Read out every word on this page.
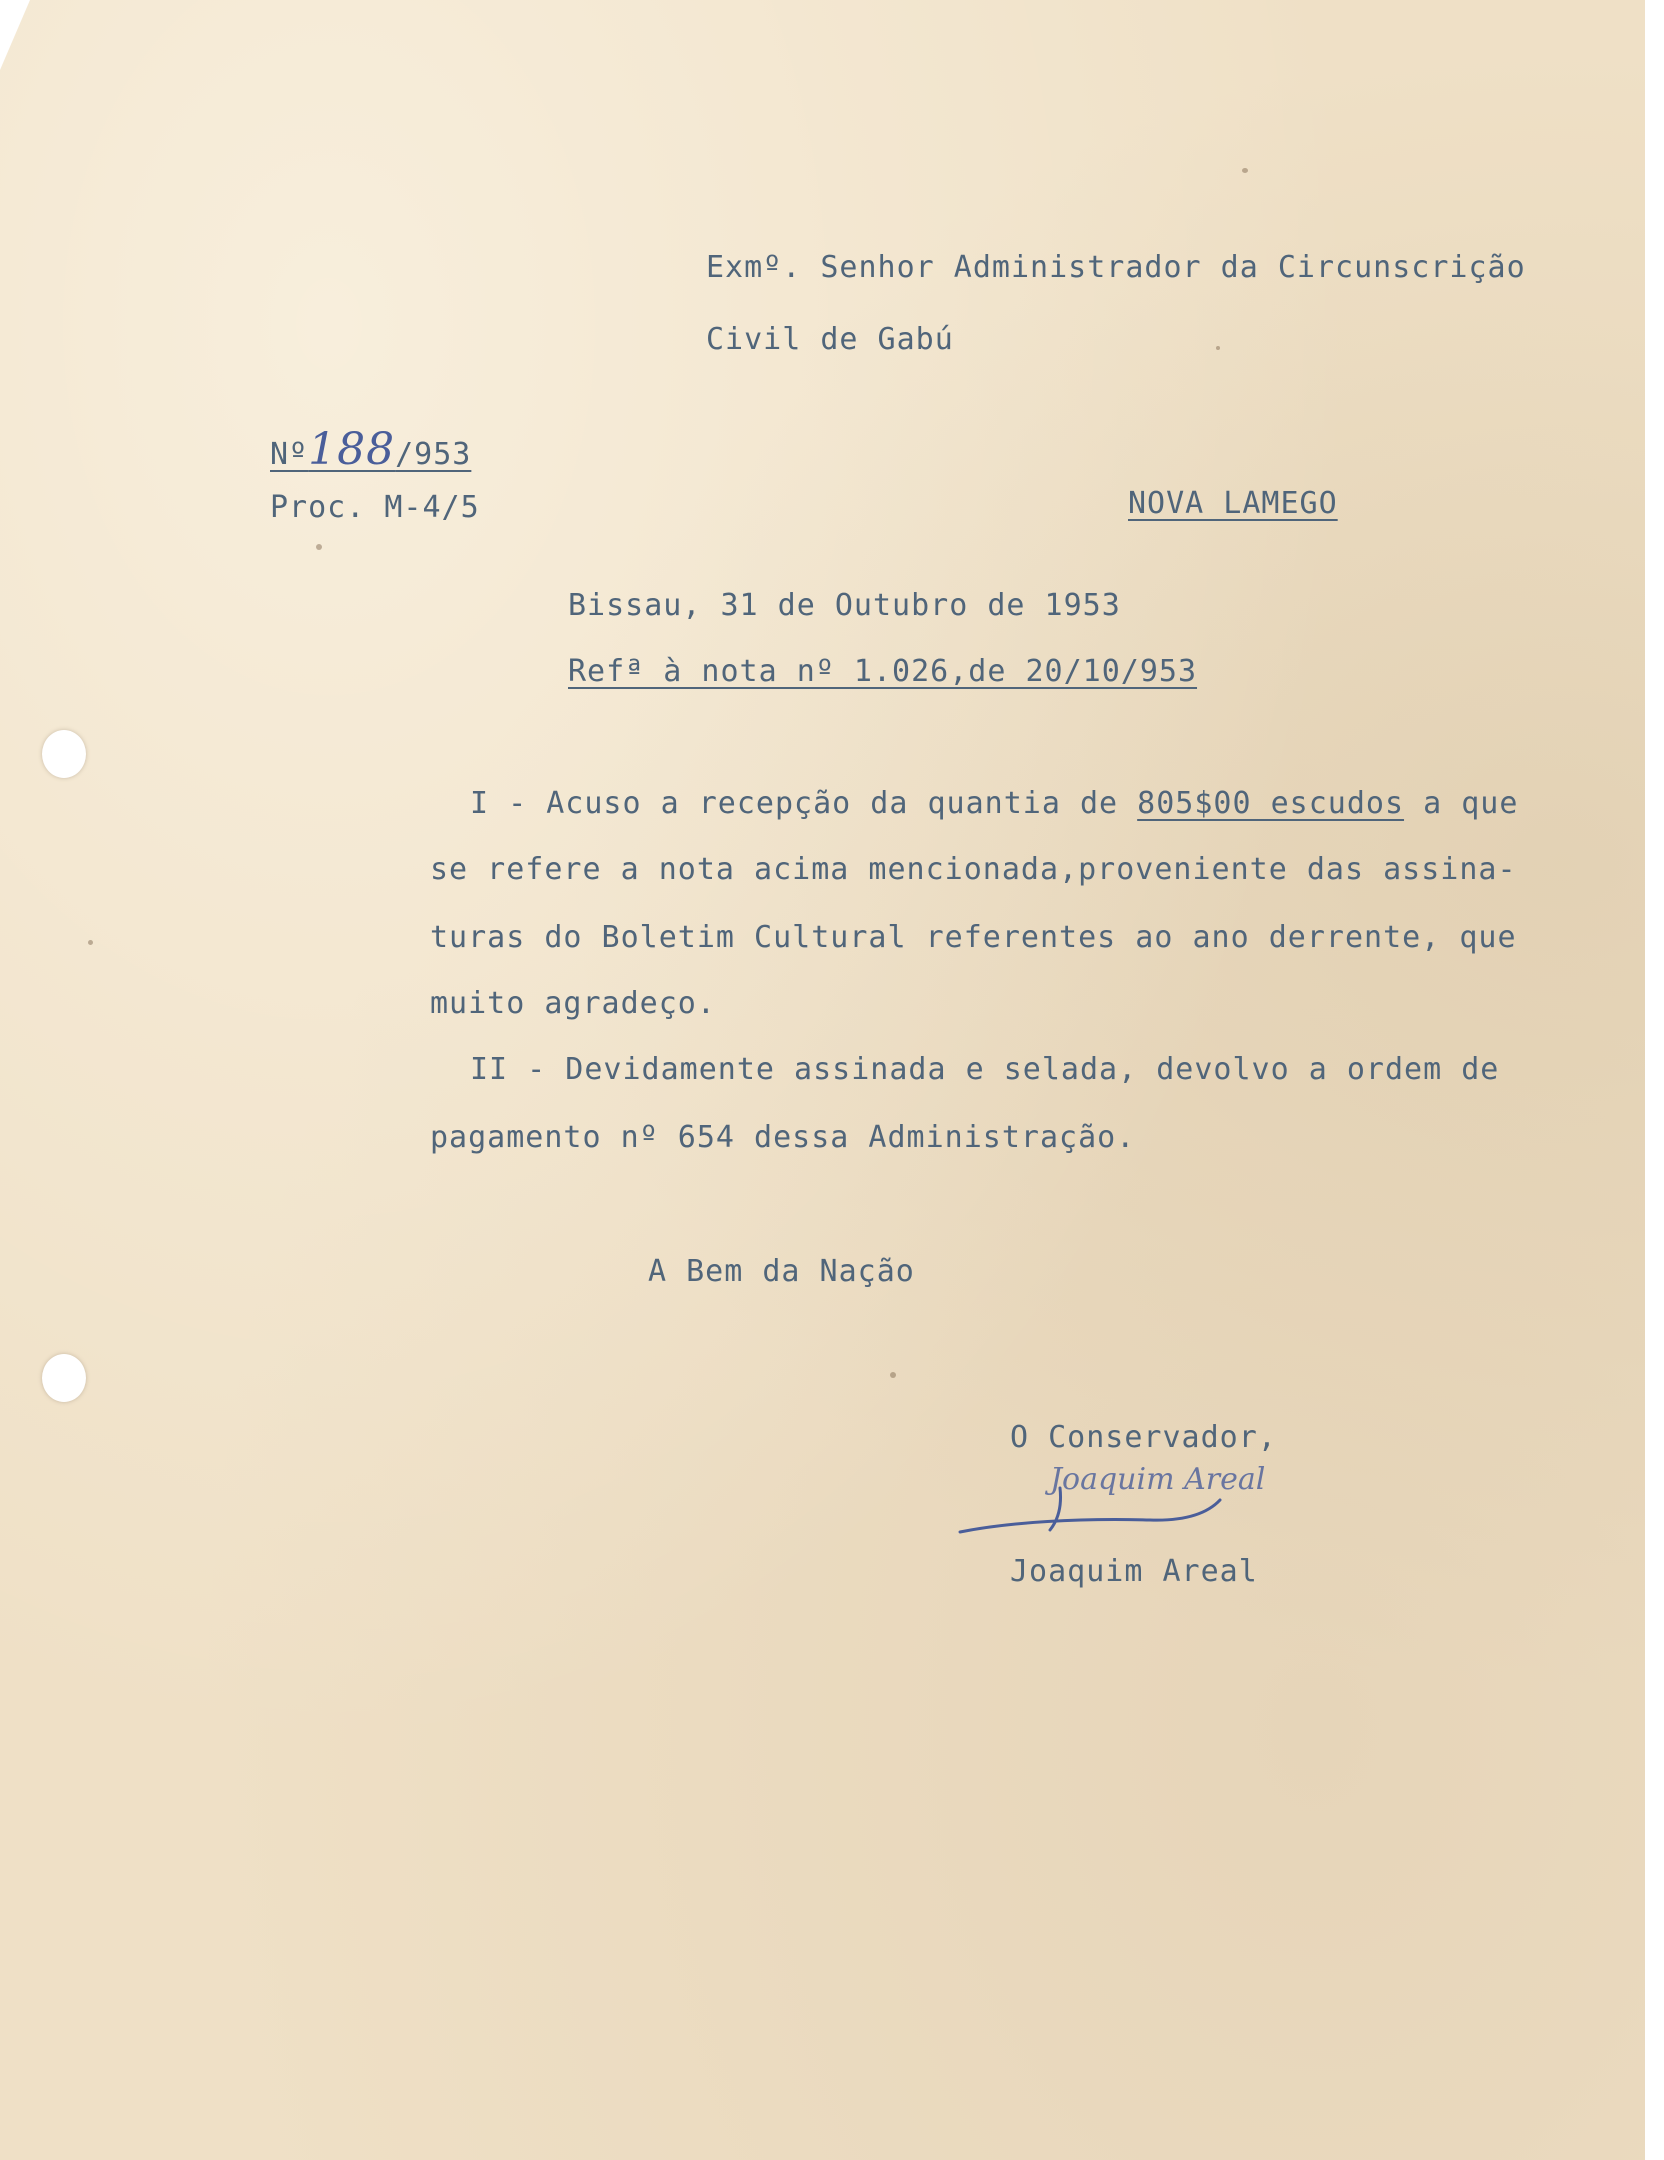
Exmº. Senhor Administrador da Circunscrição
Civil de Gabú
Nº188/953
Proc. M-4/5	NOVA LAMEGO
Bissau, 31 de Outubro de 1953
Refª à nota nº 1.026,de 20/10/953
I - Acuso a recepção da quantia de 805$00 escudos a que
se refere a nota acima mencionada,proveniente das assina-
turas do Boletim Cultural referentes ao ano derrente, que
muito agradeço.
II - Devidamente assinada e selada, devolvo a ordem de
pagamento nº 654 dessa Administração.
A Bem da Nação
O Conservador,
Joaquim Areal
Joaquim Areal
